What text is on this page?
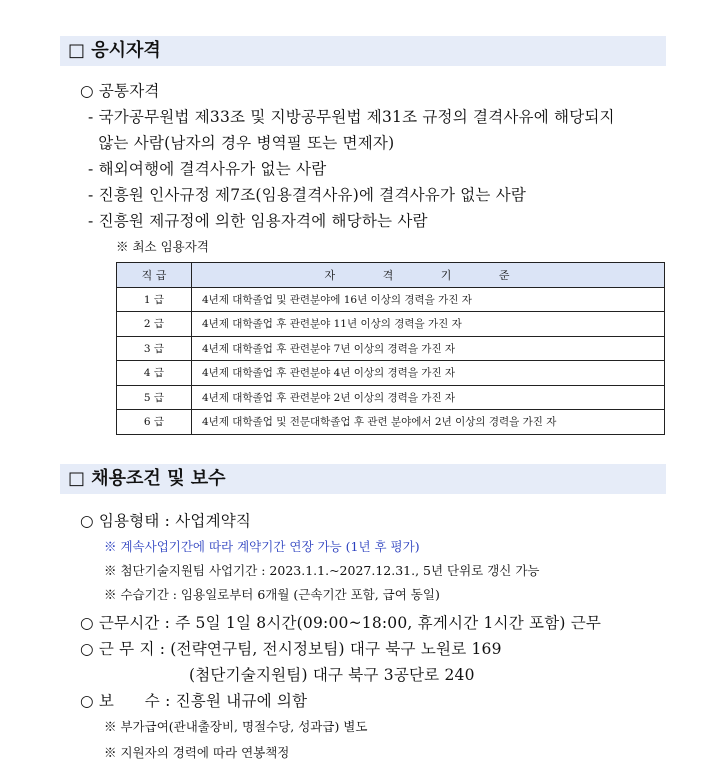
□ 응시자격
○ 공통자격
- 국가공무원법 제33조 및 지방공무원법 제31조 규정의 결격사유에 해당되지
않는 사람(남자의 경우 병역필 또는 면제자)
- 해외여행에 결격사유가 없는 사람
- 진흥원 인사규정 제7조(임용결격사유)에 결격사유가 없는 사람
- 진흥원 제규정에 의한 임용자격에 해당하는 사람
※ 최소 임용자격
직 급	자 격 기 준
1 급	4년제 대학졸업 및 관련분야에 16년 이상의 경력을 가진 자
2 급	4년제 대학졸업 후 관련분야 11년 이상의 경력을 가진 자
3 급	4년제 대학졸업 후 관련분야 7년 이상의 경력을 가진 자
4 급	4년제 대학졸업 후 관련분야 4년 이상의 경력을 가진 자
5 급	4년제 대학졸업 후 관련분야 2년 이상의 경력을 가진 자
6 급	4년제 대학졸업 및 전문대학졸업 후 관련 분야에서 2년 이상의 경력을 가진 자
□ 채용조건 및 보수
○ 임용형태 : 사업계약직
※ 계속사업기간에 따라 계약기간 연장 가능 (1년 후 평가)
※ 첨단기술지원팀 사업기간 : 2023.1.1.~2027.12.31., 5년 단위로 갱신 가능
※ 수습기간 : 임용일로부터 6개월 (근속기간 포함, 급여 동일)
○ 근무시간 : 주 5일 1일 8시간(09:00~18:00, 휴게시간 1시간 포함) 근무
○ 근 무 지 : (전략연구팀, 전시정보팀) 대구 북구 노원로 169
(첨단기술지원팀) 대구 북구 3공단로 240
○ 보      수 : 진흥원 내규에 의함
※ 부가급여(관내출장비, 명절수당, 성과급) 별도
※ 지원자의 경력에 따라 연봉책정
